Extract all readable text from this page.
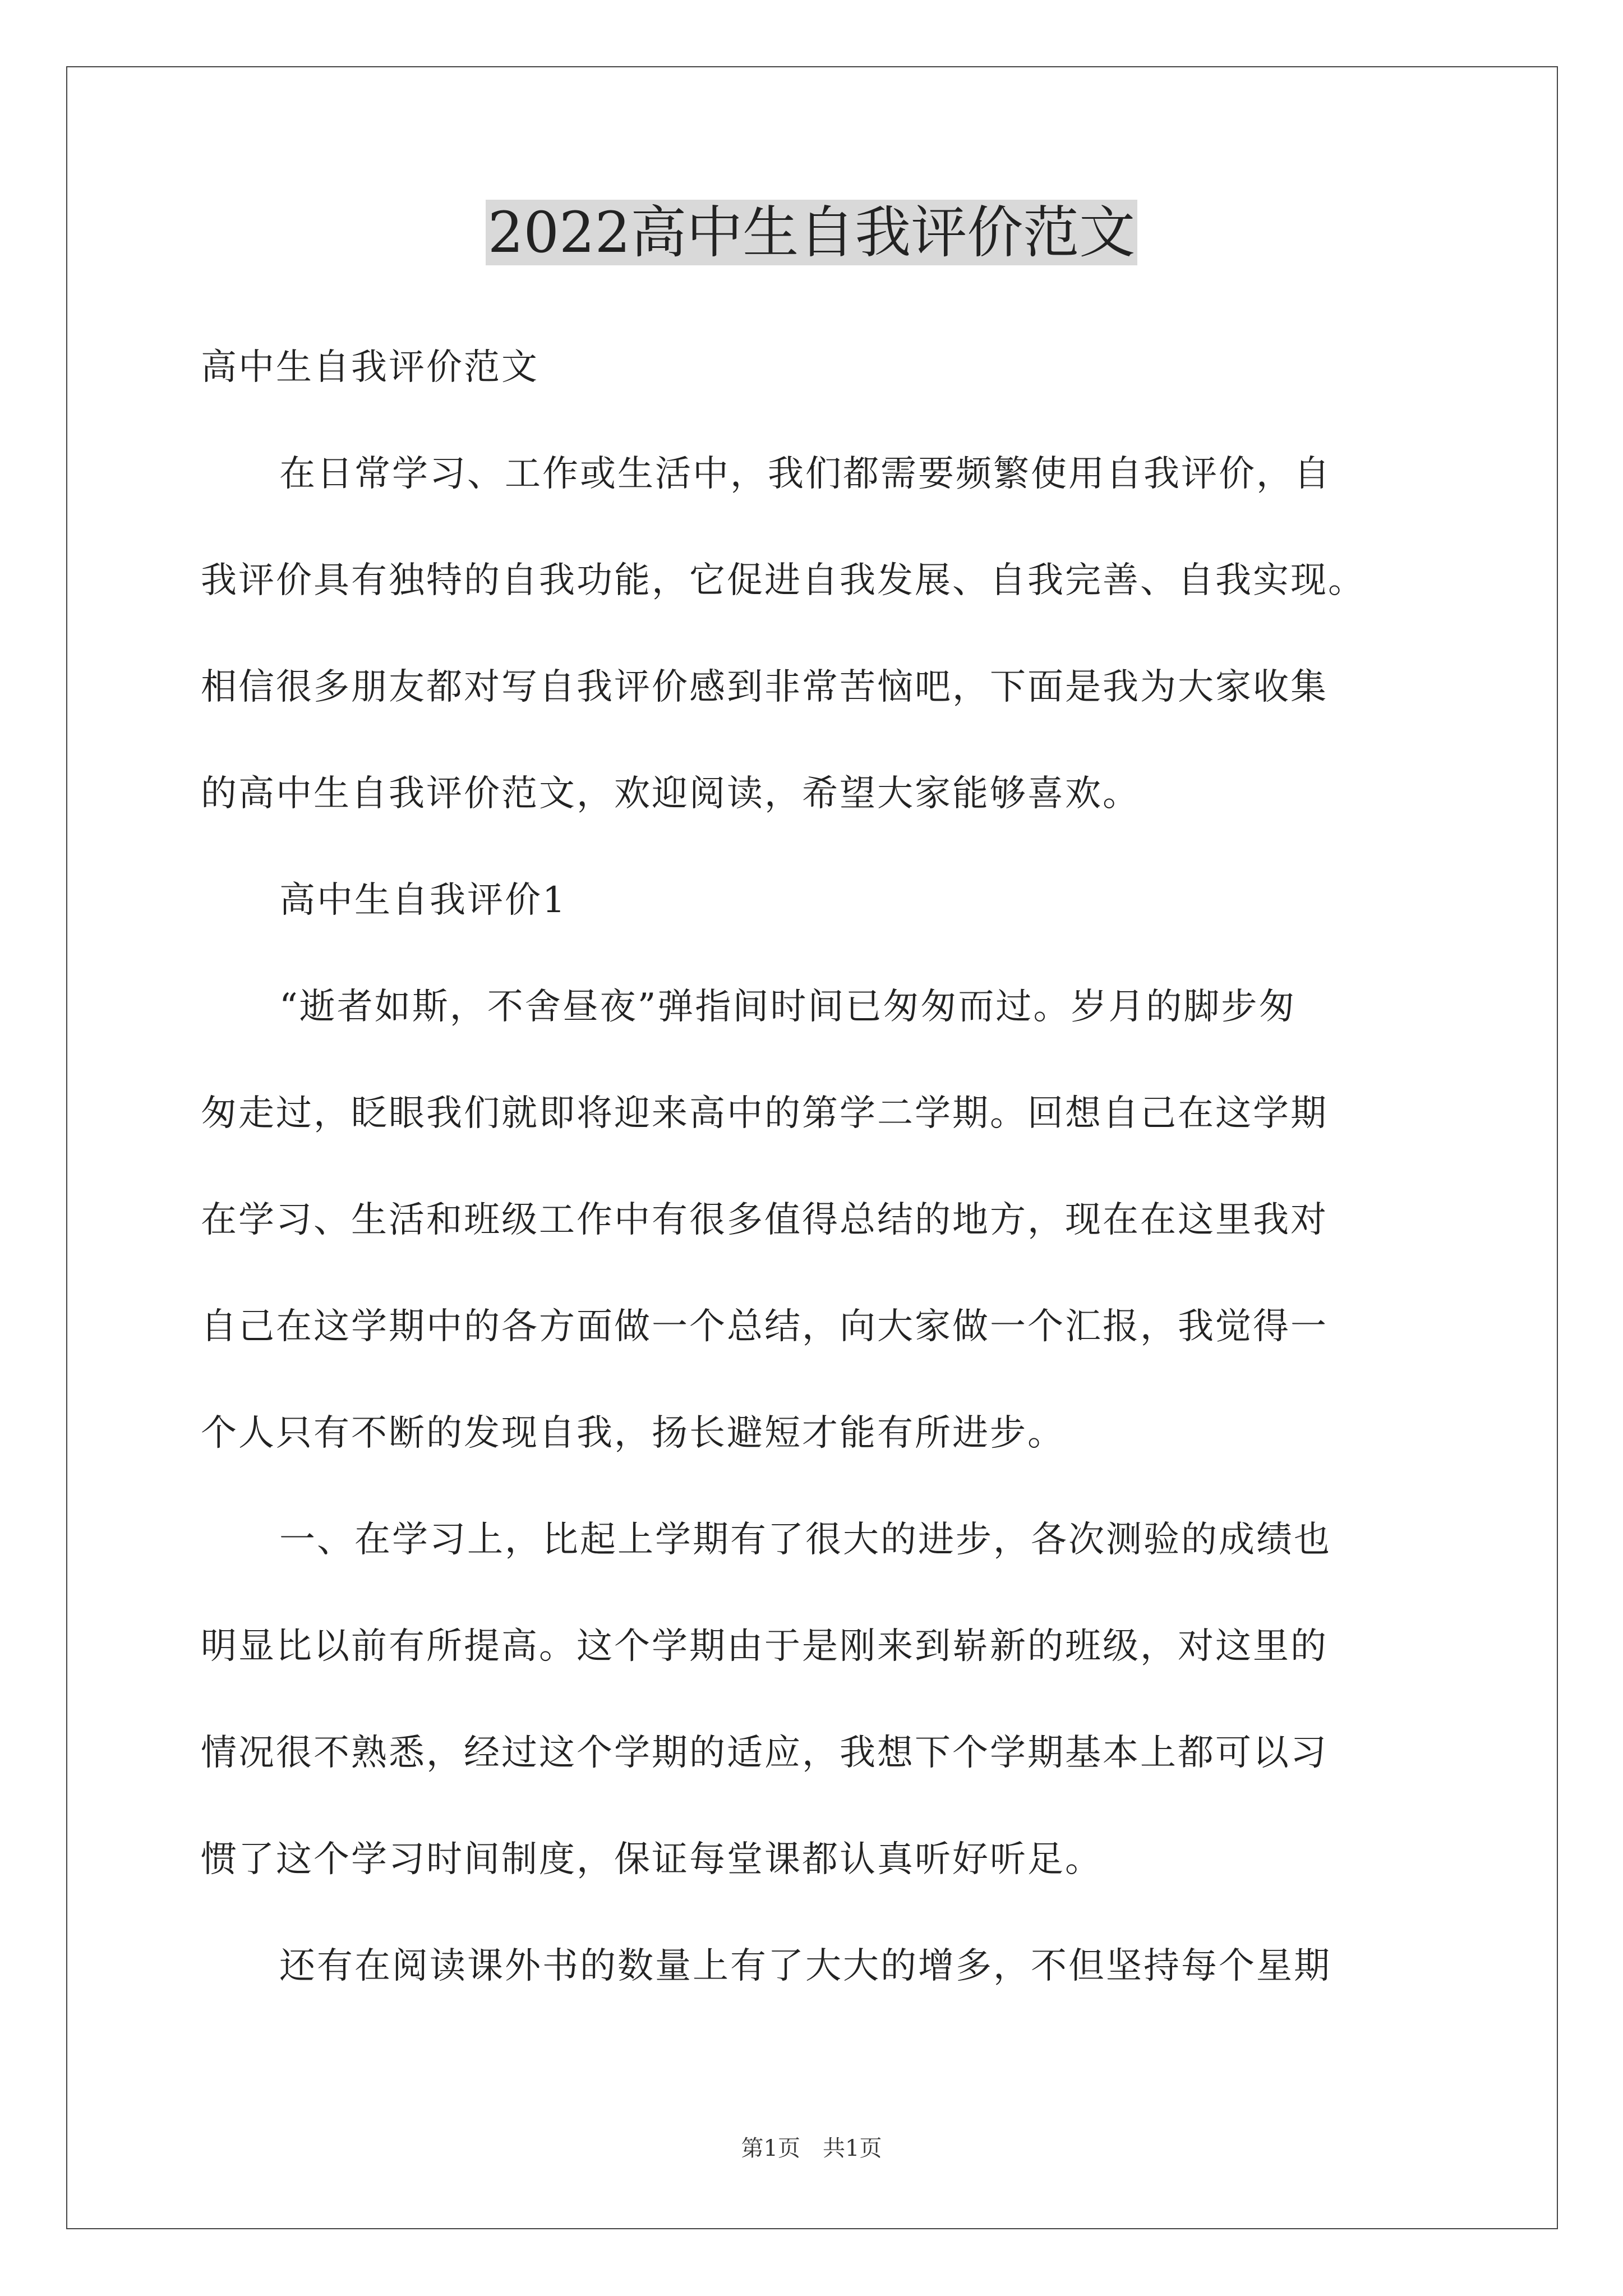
2022高中生自我评价范文
高中生自我评价范文
在日常学习、工作或生活中，我们都需要频繁使用自我评价，自
我评价具有独特的自我功能，它促进自我发展、自我完善、自我实现。
相信很多朋友都对写自我评价感到非常苦恼吧，下面是我为大家收集
的高中生自我评价范文，欢迎阅读，希望大家能够喜欢。
高中生自我评价1
“逝者如斯，不舍昼夜”弹指间时间已匆匆而过。岁月的脚步匆
匆走过，眨眼我们就即将迎来高中的第学二学期。回想自己在这学期
在学习、生活和班级工作中有很多值得总结的地方，现在在这里我对
自己在这学期中的各方面做一个总结，向大家做一个汇报，我觉得一
个人只有不断的发现自我，扬长避短才能有所进步。
一、在学习上，比起上学期有了很大的进步，各次测验的成绩也
明显比以前有所提高。这个学期由于是刚来到崭新的班级，对这里的
情况很不熟悉，经过这个学期的适应，我想下个学期基本上都可以习
惯了这个学习时间制度，保证每堂课都认真听好听足。
还有在阅读课外书的数量上有了大大的增多，不但坚持每个星期
第1页　共1页
